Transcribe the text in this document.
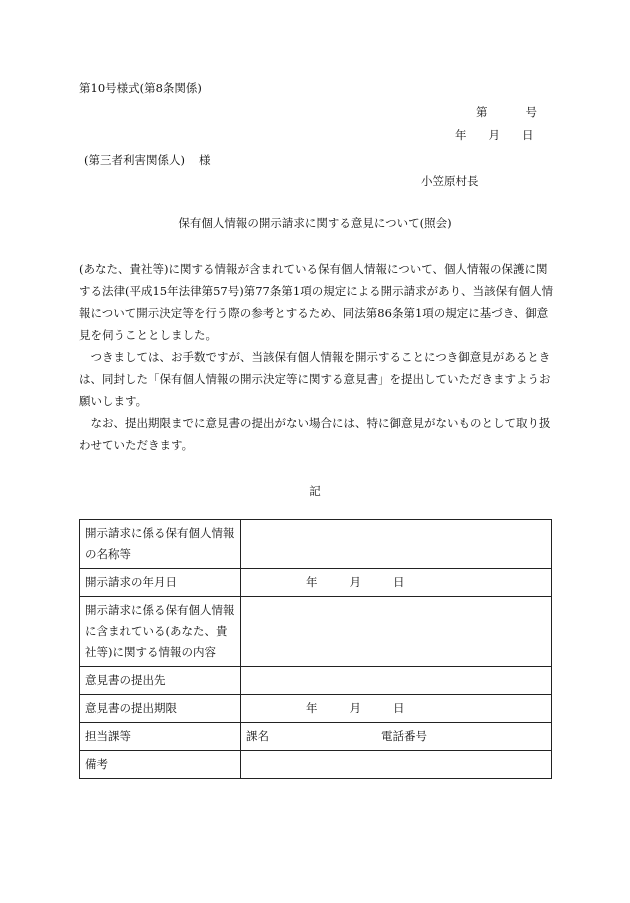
第10号様式(第8条関係)
第	号
年 月 日
(第三者利害関係人) 様
小笠原村長
保有個人情報の開示請求に関する意見について(照会)

(あなた、貴社等)に関する情報が含まれている保有個人情報について、個人情報の保護に関する法律(平成15年法律第57号)第77条第1項の規定による開示請求があり、当該保有個人情報について開示決定等を行う際の参考とするため、同法第86条第1項の規定に基づき、御意見を伺うこととしました。

つきましては、お手数ですが、当該保有個人情報を開示することにつき御意見があるときは、同封した「保有個人情報の開示決定等に関する意見書」を提出していただきますようお願いします。

なお、提出期限までに意見書の提出がない場合には、特に御意見がないものとして取り扱わせていただきます。

記
開示請求に係る保有個人情報の名称等	
開示請求の年月日	年 月 日
開示請求に係る保有個人情報に含まれている(あなた、貴社等)に関する情報の内容	
意見書の提出先	
意見書の提出期限	年 月 日
担当課等	課名 電話番号
備考	
